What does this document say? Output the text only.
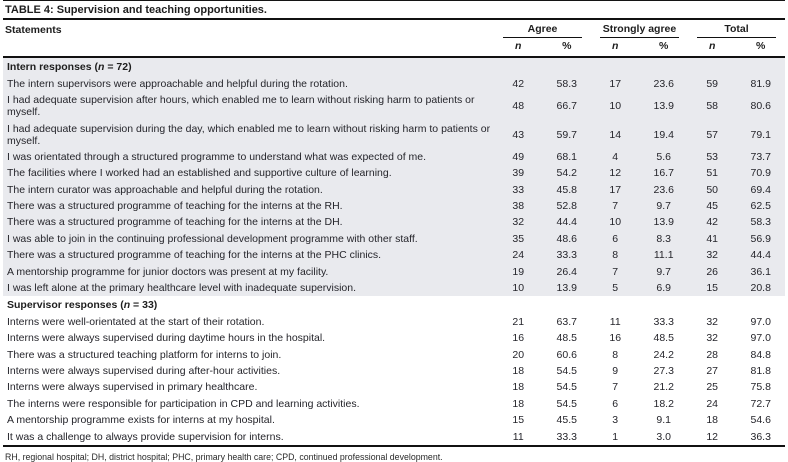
TABLE 4: Supervision and teaching opportunities.
Statements	Agree		Strongly agree		Total	

	n	%	n	%	n	%
Intern responses (n = 72)						
The intern supervisors were approachable and helpful during the rotation.	42	58.3	17	23.6	59	81.9
I had adequate supervision after hours, which enabled me to learn without risking harm to patients or myself.	48	66.7	10	13.9	58	80.6
I had adequate supervision during the day, which enabled me to learn without risking harm to patients or myself.	43	59.7	14	19.4	57	79.1
I was orientated through a structured programme to understand what was expected of me.	49	68.1	4	5.6	53	73.7
The facilities where I worked had an established and supportive culture of learning.	39	54.2	12	16.7	51	70.9
The intern curator was approachable and helpful during the rotation.	33	45.8	17	23.6	50	69.4
There was a structured programme of teaching for the interns at the RH.	38	52.8	7	9.7	45	62.5
There was a structured programme of teaching for the interns at the DH.	32	44.4	10	13.9	42	58.3
I was able to join in the continuing professional development programme with other staff.	35	48.6	6	8.3	41	56.9
There was a structured programme of teaching for the interns at the PHC clinics.	24	33.3	8	11.1	32	44.4
A mentorship programme for junior doctors was present at my facility.	19	26.4	7	9.7	26	36.1
I was left alone at the primary healthcare level with inadequate supervision.	10	13.9	5	6.9	15	20.8
Supervisor responses (n = 33)						
Interns were well-orientated at the start of their rotation.	21	63.7	11	33.3	32	97.0
Interns were always supervised during daytime hours in the hospital.	16	48.5	16	48.5	32	97.0
There was a structured teaching platform for interns to join.	20	60.6	8	24.2	28	84.8
Interns were always supervised during after-hour activities.	18	54.5	9	27.3	27	81.8
Interns were always supervised in primary healthcare.	18	54.5	7	21.2	25	75.8
The interns were responsible for participation in CPD and learning activities.	18	54.5	6	18.2	24	72.7
A mentorship programme exists for interns at my hospital.	15	45.5	3	9.1	18	54.6
It was a challenge to always provide supervision for interns.	11	33.3	1	3.0	12	36.3
RH, regional hospital; DH, district hospital; PHC, primary health care; CPD, continued professional development.
